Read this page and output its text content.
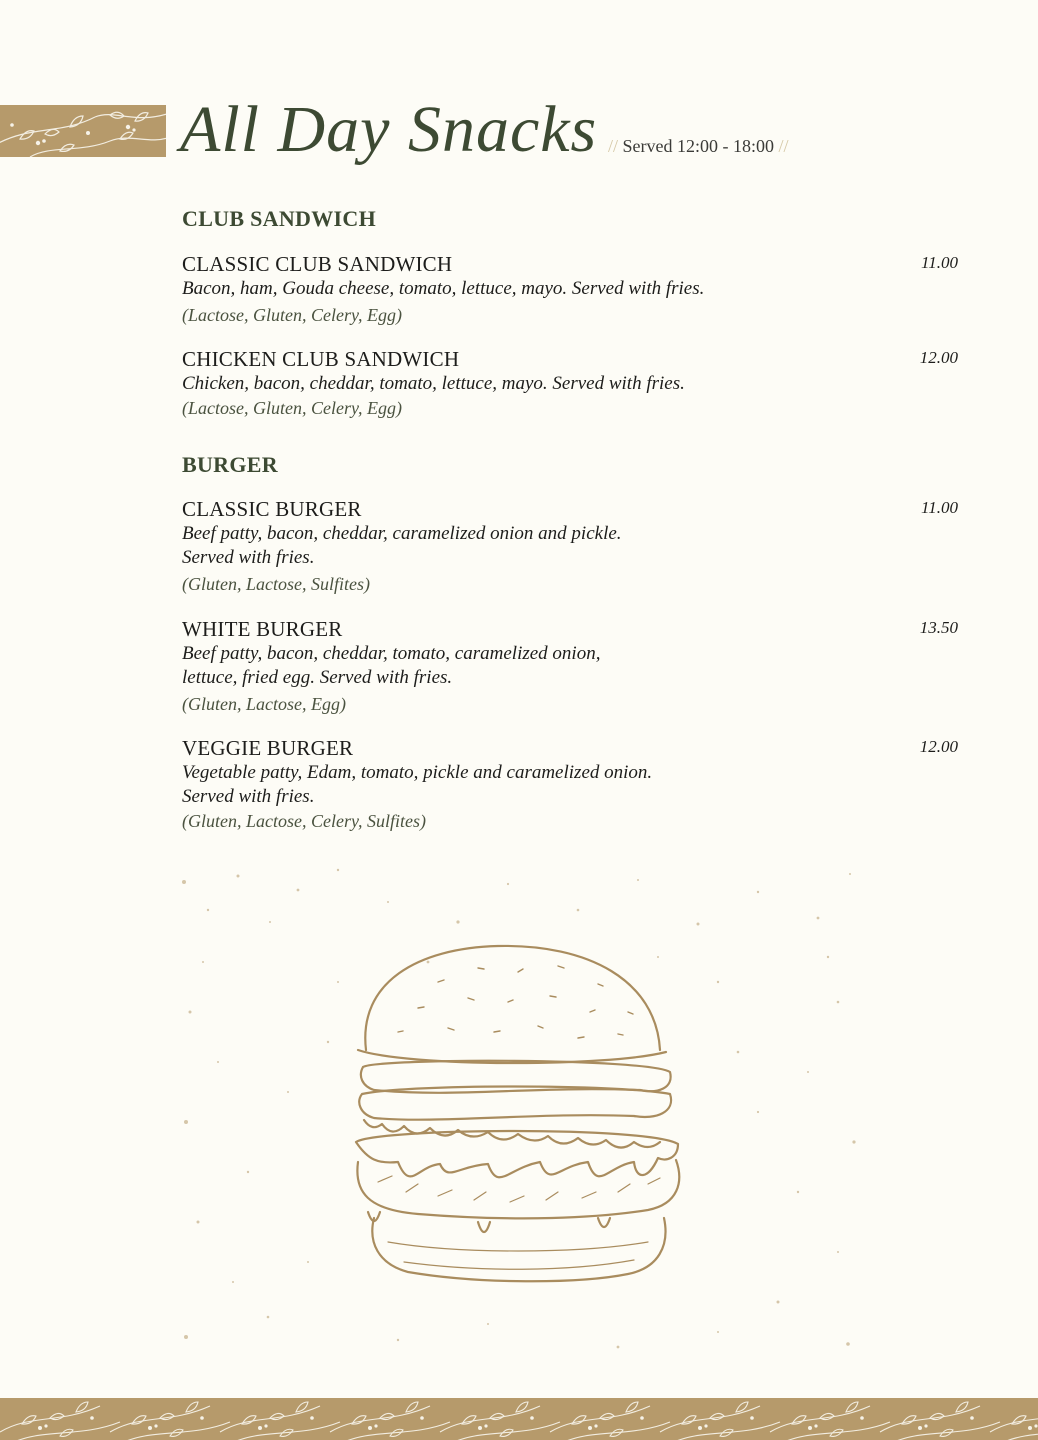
All Day Snacks // Served 12:00 - 18:00 //
CLUB SANDWICH
CLASSIC CLUB SANDWICH	11.00
Bacon, ham, Gouda cheese, tomato, lettuce, mayo. Served with fries.
(Lactose, Gluten, Celery, Egg)
CHICKEN CLUB SANDWICH	12.00
Chicken, bacon, cheddar, tomato, lettuce, mayo. Served with fries.
(Lactose, Gluten, Celery, Egg)
BURGER
CLASSIC BURGER	11.00
Beef patty, bacon, cheddar, caramelized onion and pickle.
Served with fries.
(Gluten, Lactose, Sulfites)
WHITE BURGER	13.50
Beef patty, bacon, cheddar, tomato, caramelized onion,
lettuce, fried egg. Served with fries.
(Gluten, Lactose, Egg)
VEGGIE BURGER	12.00
Vegetable patty, Edam, tomato, pickle and caramelized onion.
Served with fries.
(Gluten, Lactose, Celery, Sulfites)
